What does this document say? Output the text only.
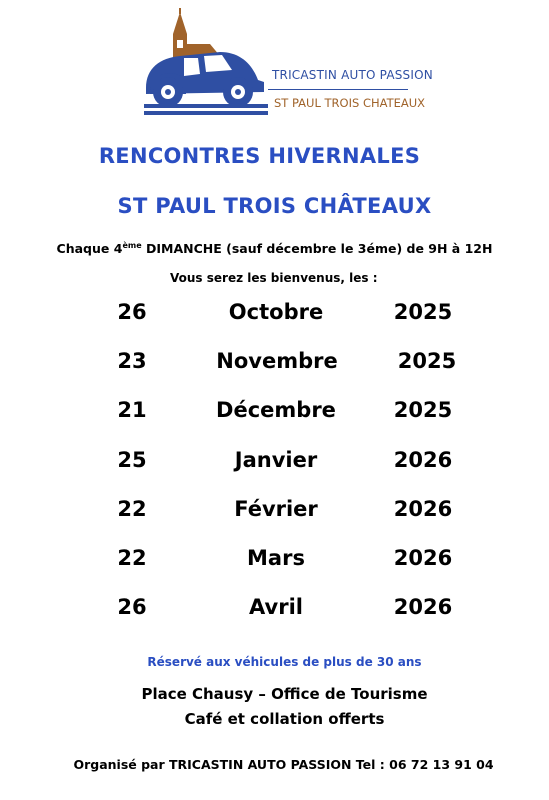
TRICASTIN AUTO PASSION
ST PAUL TROIS CHATEAUX
RENCONTRES HIVERNALES
ST PAUL TROIS CHÂTEAUX
Chaque 4ème DIMANCHE (sauf décembre le 3éme) de 9H à 12H
Vous serez les bienvenus, les :
26	Octobre	2025
23	Novembre	2025
21	Décembre	2025
25	Janvier	2026
22	Février	2026
22	Mars	2026
26	Avril	2026
Réservé aux véhicules de plus de 30 ans
Place Chausy – Office de Tourisme
Café et collation offerts
Organisé par TRICASTIN AUTO PASSION Tel : 06 72 13 91 04
